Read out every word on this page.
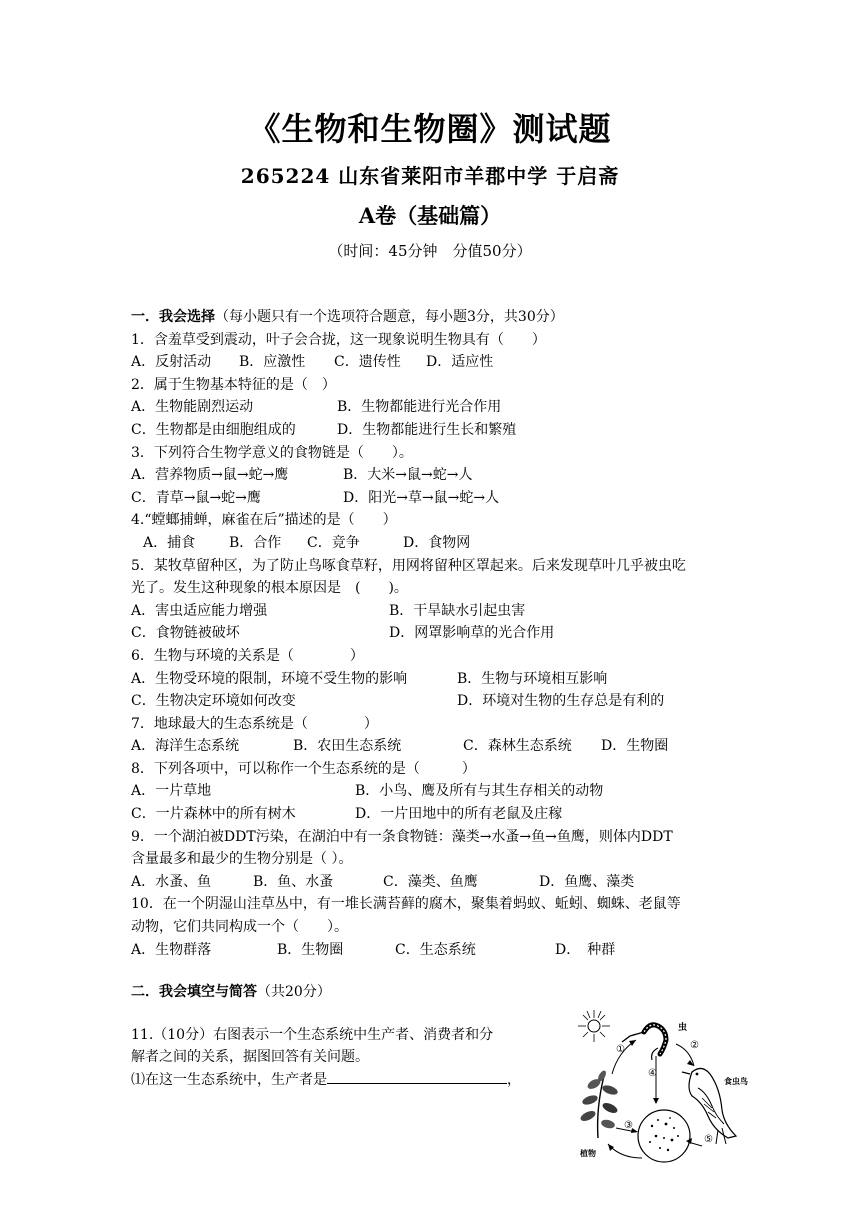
《生物和生物圈》测试题
265224 山东省莱阳市羊郡中学 于启斋
A卷（基础篇）
（时间：45分钟　分值50分）
一．我会选择（每小题只有一个选项符合题意，每小题3分，共30分）
1．含羞草受到震动，叶子会合拢，这一现象说明生物具有（　　）
A．反射活动 B．应激性 C．遗传性 D．适应性
2．属于生物基本特征的是（　）
A．生物能剧烈运动	B．生物都能进行光合作用
C．生物都是由细胞组成的	D．生物都能进行生长和繁殖
3．下列符合生物学意义的食物链是（　　）。
A．营养物质→鼠→蛇→鹰	B．大米→鼠→蛇→人
C．青草→鼠→蛇→鹰	D．阳光→草→鼠→蛇→人
4.“螳螂捕蝉，麻雀在后”描述的是（　　）
A．捕食 B．合作 C．竞争	D．食物网
5．某牧草留种区，为了防止鸟啄食草籽，用网将留种区罩起来。后来发现草叶几乎被虫吃
光了。发生这种现象的根本原因是　(　　)。
A．害虫适应能力增强	B．干旱缺水引起虫害
C．食物链被破坏	D．网罩影响草的光合作用
6．生物与环境的关系是（　　　　）
A．生物受环境的限制，环境不受生物的影响	B．生物与环境相互影响
C．生物决定环境如何改变	D．环境对生物的生存总是有利的
7．地球最大的生态系统是（　　　　）
A．海洋生态系统	B．农田生态系统	C．森林生态系统 D．生物圈
8．下列各项中，可以称作一个生态系统的是（　　　）
A．一片草地	B．小鸟、鹰及所有与其生存相关的动物
C．一片森林中的所有树木	D．一片田地中的所有老鼠及庄稼
9．一个湖泊被DDT污染，在湖泊中有一条食物链：藻类→水蚤→鱼→鱼鹰，则体内DDT
含量最多和最少的生物分别是（ ）。
A．水蚤、鱼	B．鱼、水蚤	C．藻类、鱼鹰	D．鱼鹰、藻类
10．在一个阴湿山洼草丛中，有一堆长满苔藓的腐木，聚集着蚂蚁、蚯蚓、蜘蛛、老鼠等
动物，它们共同构成一个（　　）。
A．生物群落	B．生物圈	C．生态系统	D．　种群
二．我会填空与简答（共20分）
11.（10分）右图表示一个生态系统中生产者、消费者和分
解者之间的关系，据图回答有关问题。
⑴在这一生态系统中，生产者是	，
虫
食虫鸟
植物
①	②
③
④
⑤
